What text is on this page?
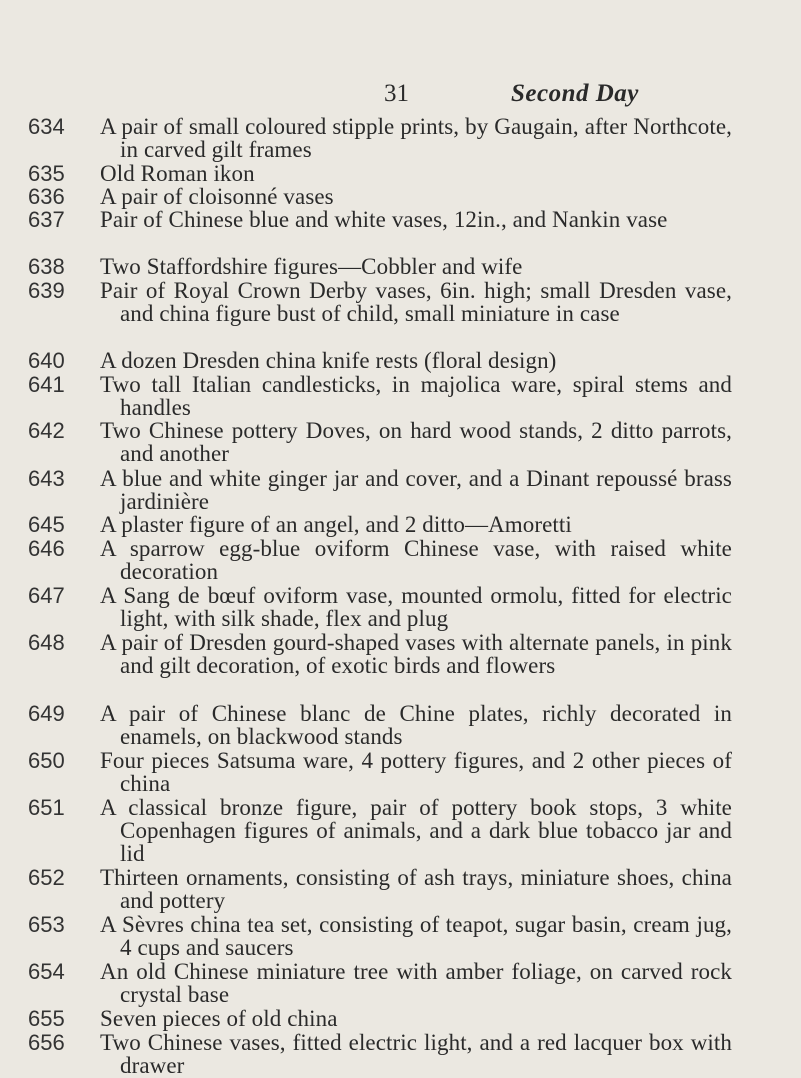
31	Second Day
634 A pair of small coloured stipple prints, by Gaugain, after Northcote, in carved gilt frames
635 Old Roman ikon
636 A pair of cloisonné vases
637 Pair of Chinese blue and white vases, 12in., and Nankin vase
638 Two Staffordshire figures—Cobbler and wife
639 Pair of Royal Crown Derby vases, 6in. high; small Dresden vase, and china figure bust of child, small miniature in case
640 A dozen Dresden china knife rests (floral design)
641 Two tall Italian candlesticks, in majolica ware, spiral stems and handles
642 Two Chinese pottery Doves, on hard wood stands, 2 ditto parrots, and another
643 A blue and white ginger jar and cover, and a Dinant repoussé brass jardinière
645 A plaster figure of an angel, and 2 ditto—Amoretti
646 A sparrow egg-blue oviform Chinese vase, with raised white decoration
647 A Sang de bœuf oviform vase, mounted ormolu, fitted for electric light, with silk shade, flex and plug
648 A pair of Dresden gourd-shaped vases with alternate panels, in pink and gilt decoration, of exotic birds and flowers
649 A pair of Chinese blanc de Chine plates, richly decorated in enamels, on blackwood stands
650 Four pieces Satsuma ware, 4 pottery figures, and 2 other pieces of china
651 A classical bronze figure, pair of pottery book stops, 3 white Copenhagen figures of animals, and a dark blue tobacco jar and lid
652 Thirteen ornaments, consisting of ash trays, miniature shoes, china and pottery
653 A Sèvres china tea set, consisting of teapot, sugar basin, cream jug, 4 cups and saucers
654 An old Chinese miniature tree with amber foliage, on carved rock crystal base
655 Seven pieces of old china
656 Two Chinese vases, fitted electric light, and a red lacquer box with drawer
